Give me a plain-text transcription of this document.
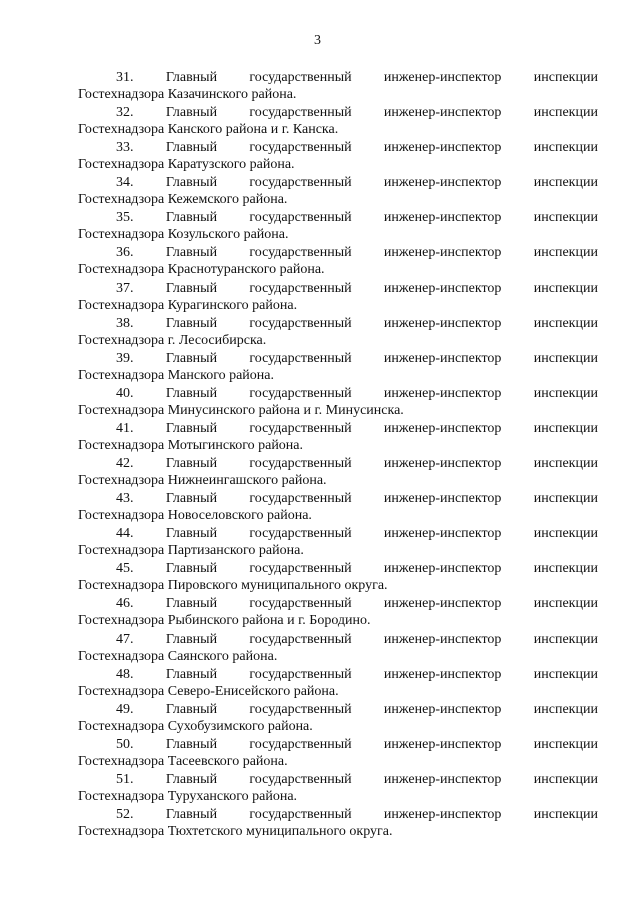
3
31. Главный государственный инженер-инспектор инспекции
Гостехнадзора Казачинского района.
32. Главный государственный инженер-инспектор инспекции
Гостехнадзора Канского района и г. Канска.
33. Главный государственный инженер-инспектор инспекции
Гостехнадзора Каратузского района.
34. Главный государственный инженер-инспектор инспекции
Гостехнадзора Кежемского района.
35. Главный государственный инженер-инспектор инспекции
Гостехнадзора Козульского района.
36. Главный государственный инженер-инспектор инспекции
Гостехнадзора Краснотуранского района.
37. Главный государственный инженер-инспектор инспекции
Гостехнадзора Курагинского района.
38. Главный государственный инженер-инспектор инспекции
Гостехнадзора г. Лесосибирска.
39. Главный государственный инженер-инспектор инспекции
Гостехнадзора Манского района.
40. Главный государственный инженер-инспектор инспекции
Гостехнадзора Минусинского района и г. Минусинска.
41. Главный государственный инженер-инспектор инспекции
Гостехнадзора Мотыгинского района.
42. Главный государственный инженер-инспектор инспекции
Гостехнадзора Нижнеингашского района.
43. Главный государственный инженер-инспектор инспекции
Гостехнадзора Новоселовского района.
44. Главный государственный инженер-инспектор инспекции
Гостехнадзора Партизанского района.
45. Главный государственный инженер-инспектор инспекции
Гостехнадзора Пировского муниципального округа.
46. Главный государственный инженер-инспектор инспекции
Гостехнадзора Рыбинского района и г. Бородино.
47. Главный государственный инженер-инспектор инспекции
Гостехнадзора Саянского района.
48. Главный государственный инженер-инспектор инспекции
Гостехнадзора Северо-Енисейского района.
49. Главный государственный инженер-инспектор инспекции
Гостехнадзора Сухобузимского района.
50. Главный государственный инженер-инспектор инспекции
Гостехнадзора Тасеевского района.
51. Главный государственный инженер-инспектор инспекции
Гостехнадзора Туруханского района.
52. Главный государственный инженер-инспектор инспекции
Гостехнадзора Тюхтетского муниципального округа.
